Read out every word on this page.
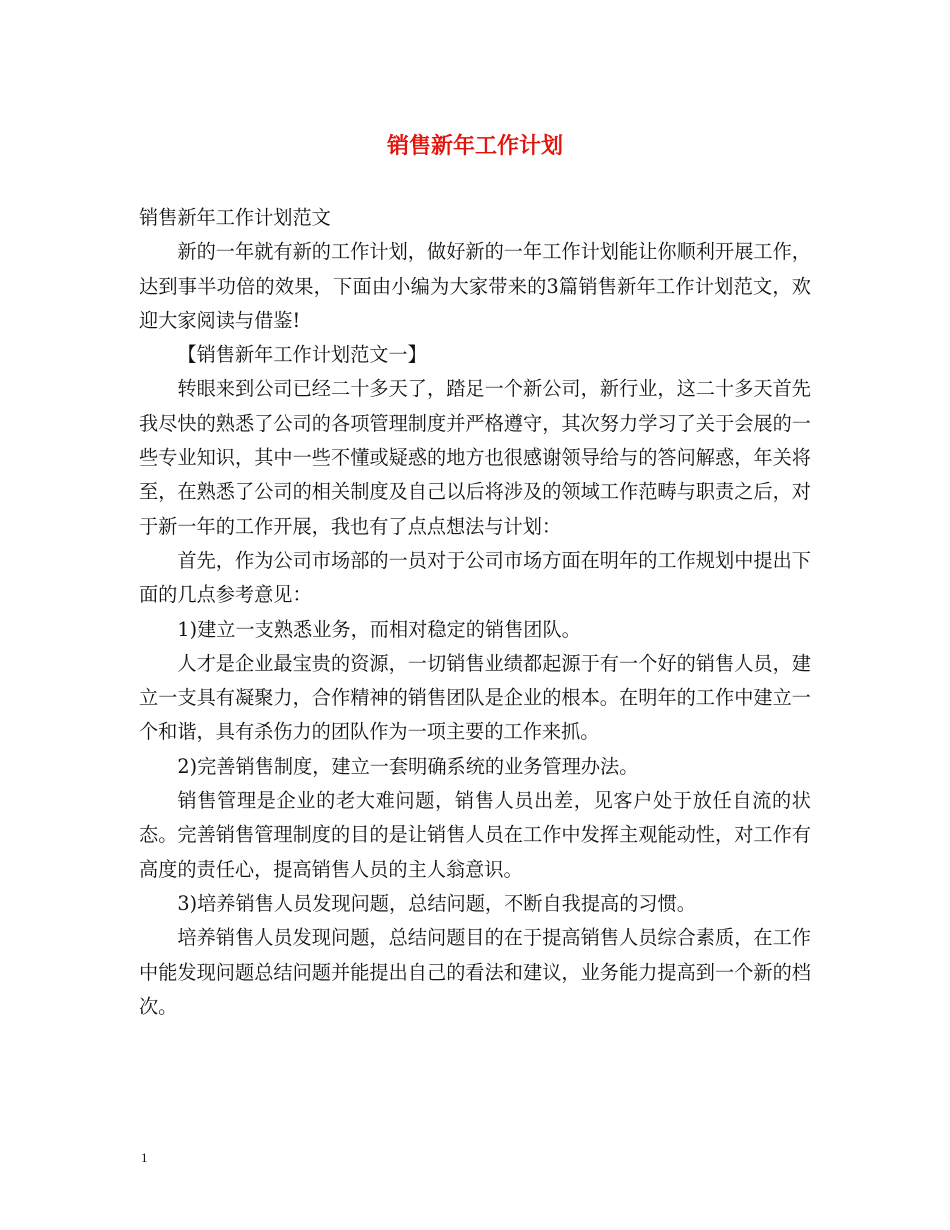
销售新年工作计划

销售新年工作计划范文

新的一年就有新的工作计划，做好新的一年工作计划能让你顺利开展工作，达到事半功倍的效果，下面由小编为大家带来的3篇销售新年工作计划范文，欢迎大家阅读与借鉴!

【销售新年工作计划范文一】

转眼来到公司已经二十多天了，踏足一个新公司，新行业，这二十多天首先我尽快的熟悉了公司的各项管理制度并严格遵守，其次努力学习了关于会展的一些专业知识，其中一些不懂或疑惑的地方也很感谢领导给与的答问解惑，年关将至，在熟悉了公司的相关制度及自己以后将涉及的领域工作范畴与职责之后，对于新一年的工作开展，我也有了点点想法与计划：

首先，作为公司市场部的一员对于公司市场方面在明年的工作规划中提出下面的几点参考意见：

1)建立一支熟悉业务，而相对稳定的销售团队。

人才是企业最宝贵的资源，一切销售业绩都起源于有一个好的销售人员，建立一支具有凝聚力，合作精神的销售团队是企业的根本。在明年的工作中建立一个和谐，具有杀伤力的团队作为一项主要的工作来抓。

2)完善销售制度，建立一套明确系统的业务管理办法。

销售管理是企业的老大难问题，销售人员出差，见客户处于放任自流的状态。完善销售管理制度的目的是让销售人员在工作中发挥主观能动性，对工作有高度的责任心，提高销售人员的主人翁意识。

3)培养销售人员发现问题，总结问题，不断自我提高的习惯。

培养销售人员发现问题，总结问题目的在于提高销售人员综合素质，在工作中能发现问题总结问题并能提出自己的看法和建议，业务能力提高到一个新的档次。

1
